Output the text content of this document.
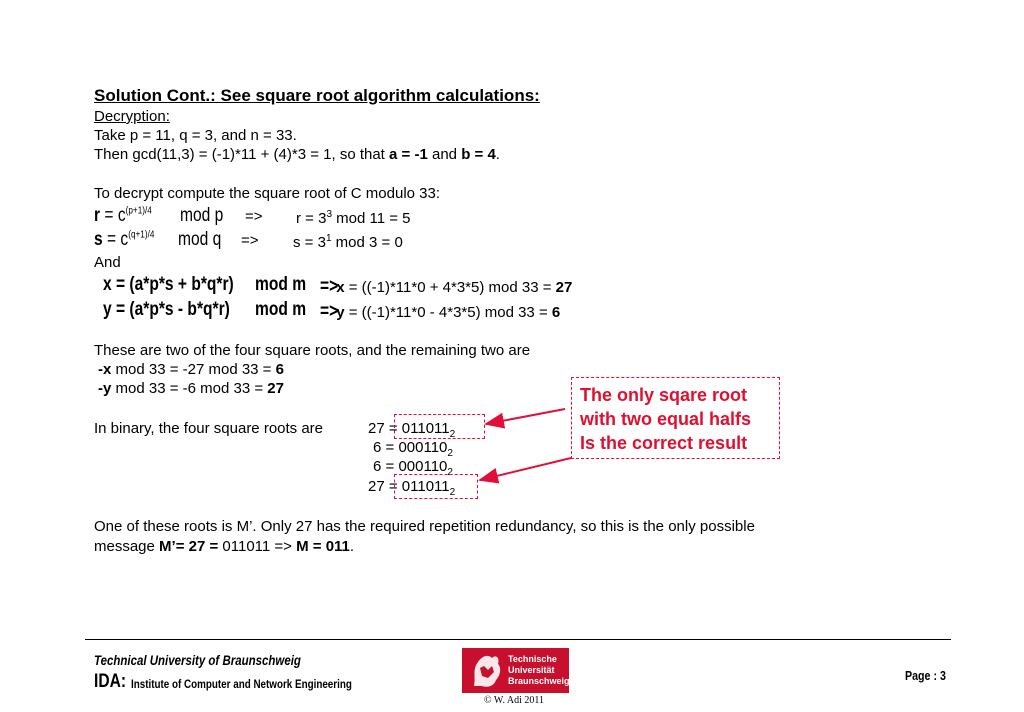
Solution Cont.: See square root algorithm calculations:
Decryption:
Take p = 11, q = 3, and n = 33.
Then gcd(11,3) = (-1)*11 + (4)*3 = 1, so that a = -1 and b = 4.
To decrypt compute the square root of C modulo 33:
$r = c^{(p+1)/4}$	mod $p => r = 3^3$ mod 11 = 5
$s = c^{(q+1)/4}$	mod $q => s = 3^1$ mod 3 = 0
And
x = (a*p*s + b*q*r) mod m =>x = ((-1)*11*0 + 4*3*5) mod 33 = 27
y = (a*p*s - b*q*r) mod m =>y = ((-1)*11*0 - 4*3*5) mod 33 = 6
These are two of the four square roots, and the remaining two are
-x mod 33 = -27 mod 33 = 6
-y mod 33 = -6 mod 33 = 27
In binary, the four square roots are	$27 = 011011_2$
$6 = 000110_2$
$6 = 000110_2$
$27 = 011011_2$
The only sqare root
with two equal halfs
Is the correct result
One of these roots is M’. Only 27 has the required repetition redundancy, so this is the only possible
message M’= 27 = 011011 => M = 011.
Technical University of Braunschweig
IDA: Institute of Computer and Network Engineering
Technische
Universität
Braunschweig
© W. Adi 2011
Page : 3
